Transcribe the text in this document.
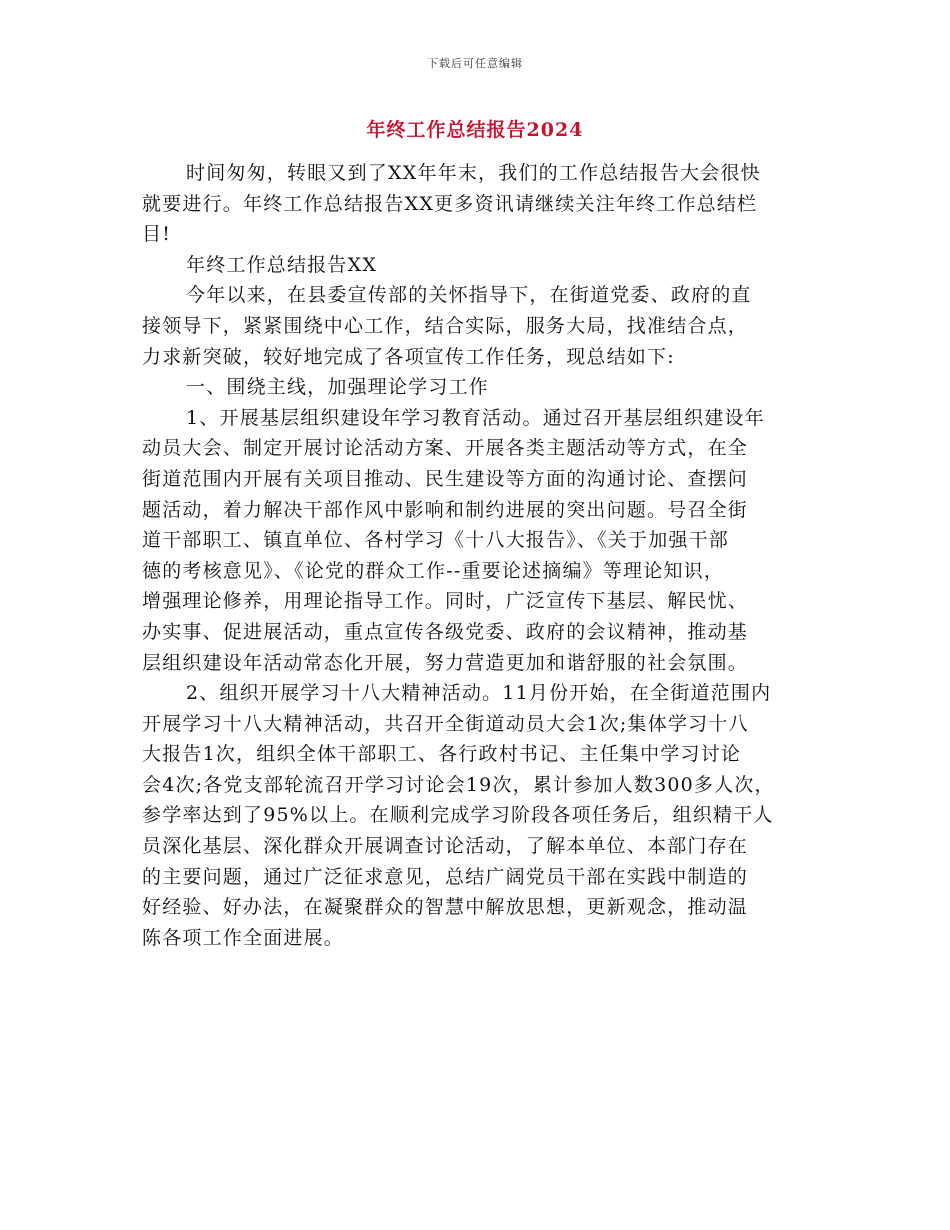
下载后可任意编辑
年终工作总结报告2024
时间匆匆，转眼又到了XX年年末，我们的工作总结报告大会很快
就要进行。年终工作总结报告XX更多资讯请继续关注年终工作总结栏
目!
年终工作总结报告XX
今年以来，在县委宣传部的关怀指导下，在街道党委、政府的直
接领导下，紧紧围绕中心工作，结合实际，服务大局，找准结合点，
力求新突破，较好地完成了各项宣传工作任务，现总结如下:
一、围绕主线，加强理论学习工作
1、开展基层组织建设年学习教育活动。通过召开基层组织建设年
动员大会、制定开展讨论活动方案、开展各类主题活动等方式，在全
街道范围内开展有关项目推动、民生建设等方面的沟通讨论、查摆问
题活动，着力解决干部作风中影响和制约进展的突出问题。号召全街
道干部职工、镇直单位、各村学习《十八大报告》、《关于加强干部
德的考核意见》、《论党的群众工作--重要论述摘编》等理论知识，
增强理论修养，用理论指导工作。同时，广泛宣传下基层、解民忧、
办实事、促进展活动，重点宣传各级党委、政府的会议精神，推动基
层组织建设年活动常态化开展，努力营造更加和谐舒服的社会氛围。
2、组织开展学习十八大精神活动。11月份开始，在全街道范围内
开展学习十八大精神活动，共召开全街道动员大会1次;集体学习十八
大报告1次，组织全体干部职工、各行政村书记、主任集中学习讨论
会4次;各党支部轮流召开学习讨论会19次，累计参加人数300多人次，
参学率达到了95%以上。在顺利完成学习阶段各项任务后，组织精干人
员深化基层、深化群众开展调查讨论活动，了解本单位、本部门存在
的主要问题，通过广泛征求意见，总结广阔党员干部在实践中制造的
好经验、好办法，在凝聚群众的智慧中解放思想，更新观念，推动温
陈各项工作全面进展。
